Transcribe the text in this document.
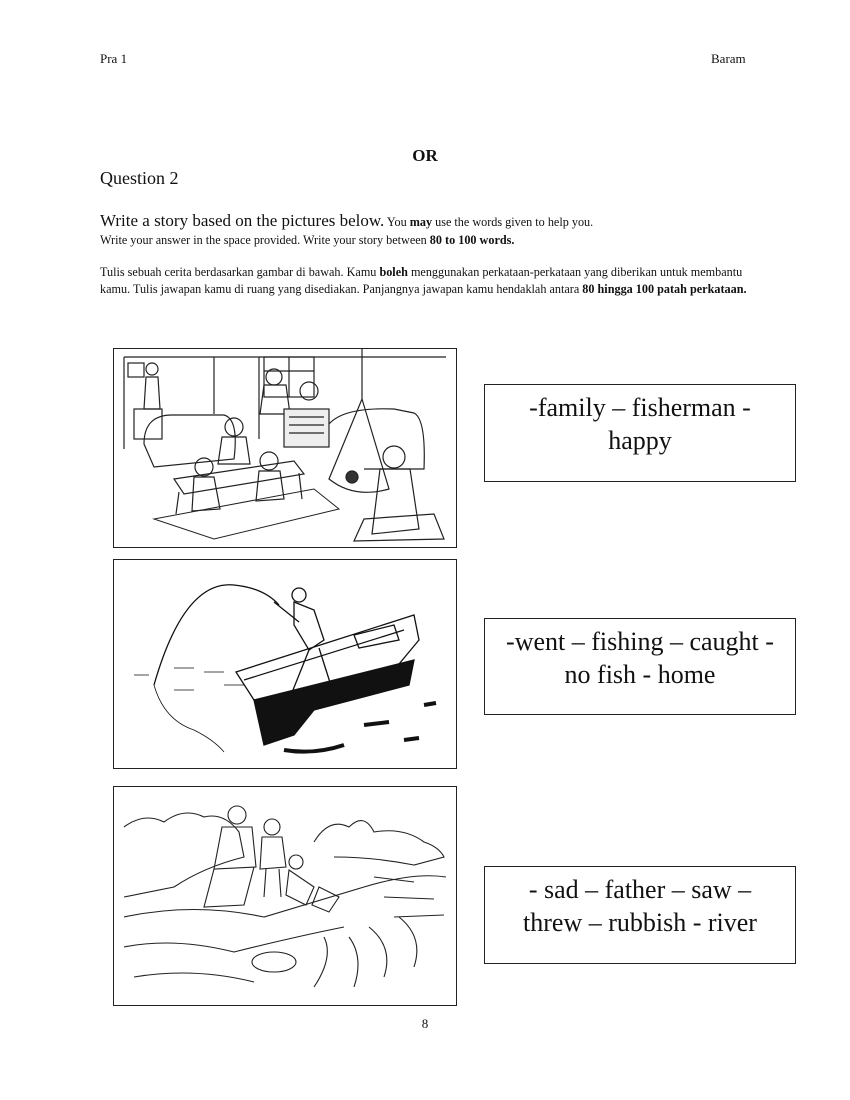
Pra 1	Baram
OR
Question 2
Write a story based on the pictures below. You may use the words given to help you.
Write your answer in the space provided. Write your story between 80 to 100 words.
Tulis sebuah cerita berdasarkan gambar di bawah. Kamu boleh menggunakan perkataan-perkataan yang diberikan untuk membantu kamu. Tulis jawapan kamu di ruang yang disediakan. Panjangnya jawapan kamu hendaklah antara 80 hingga 100 patah perkataan.
-family – fisherman -
happy
-went – fishing – caught -
no fish - home
- sad – father – saw –
threw – rubbish - river
8
